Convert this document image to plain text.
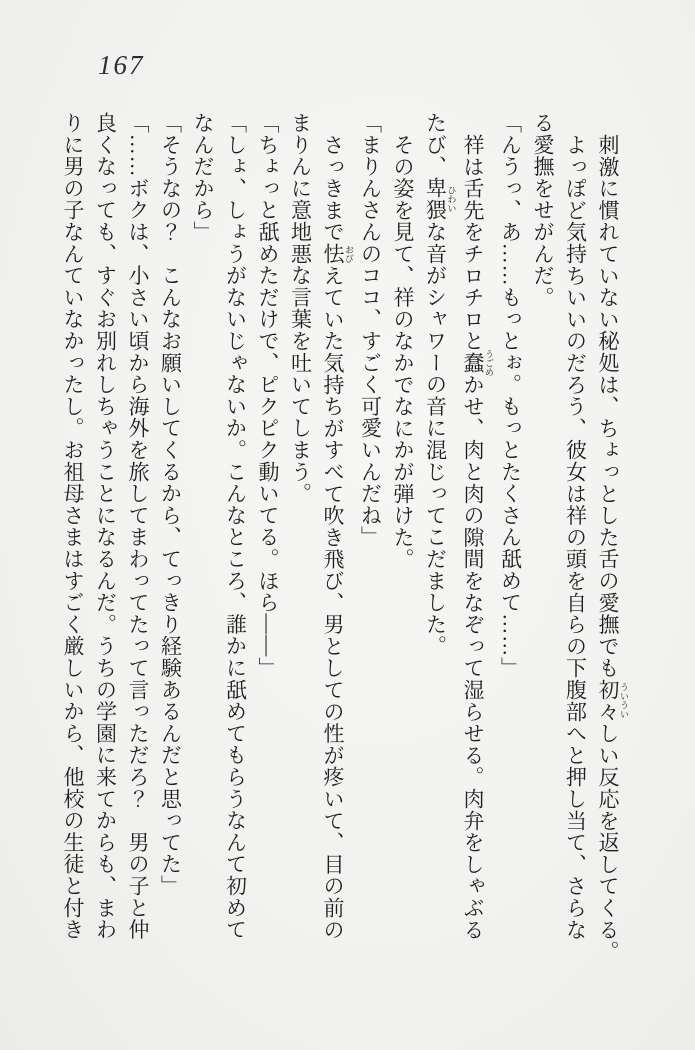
167
刺激に慣れていない秘処は、ちょっとした舌の愛撫でも初々 ういういしい反応を返してくる。
よっぽど気持ちいいのだろう、彼女は祥の頭を自らの下腹部へと押し当て、さらな
る愛撫をせがんだ。
「んうっ、あ……もっとぉ。もっとたくさん舐めて……」
祥は舌先をチロチロと蠢 うごめかせ、肉と肉の隙間をなぞって湿らせる。肉弁をしゃぶる
たび、卑猥 ひわいな音がシャワーの音に混じってこだました。
その姿を見て、祥のなかでなにかが弾けた。
「まりんさんのココ、すごく可愛いんだね」
さっきまで怯 おびえていた気持ちがすべて吹き飛び、男としての性が疼いて、目の前の
まりんに意地悪な言葉を吐いてしまう。
「ちょっと舐めただけで、ピクピク動いてる。ほら――」
「しょ、しょうがないじゃないか。こんなところ、誰かに舐めてもらうなんて初めて
なんだから」
「そうなの？　こんなお願いしてくるから、てっきり経験あるんだと思ってた」
「……ボクは、小さい頃から海外を旅してまわってたって言っただろ？　男の子と仲
良くなっても、すぐお別れしちゃうことになるんだ。うちの学園に来てからも、まわ
りに男の子なんていなかったし。お祖母さまはすごく厳しいから、他校の生徒と付き
